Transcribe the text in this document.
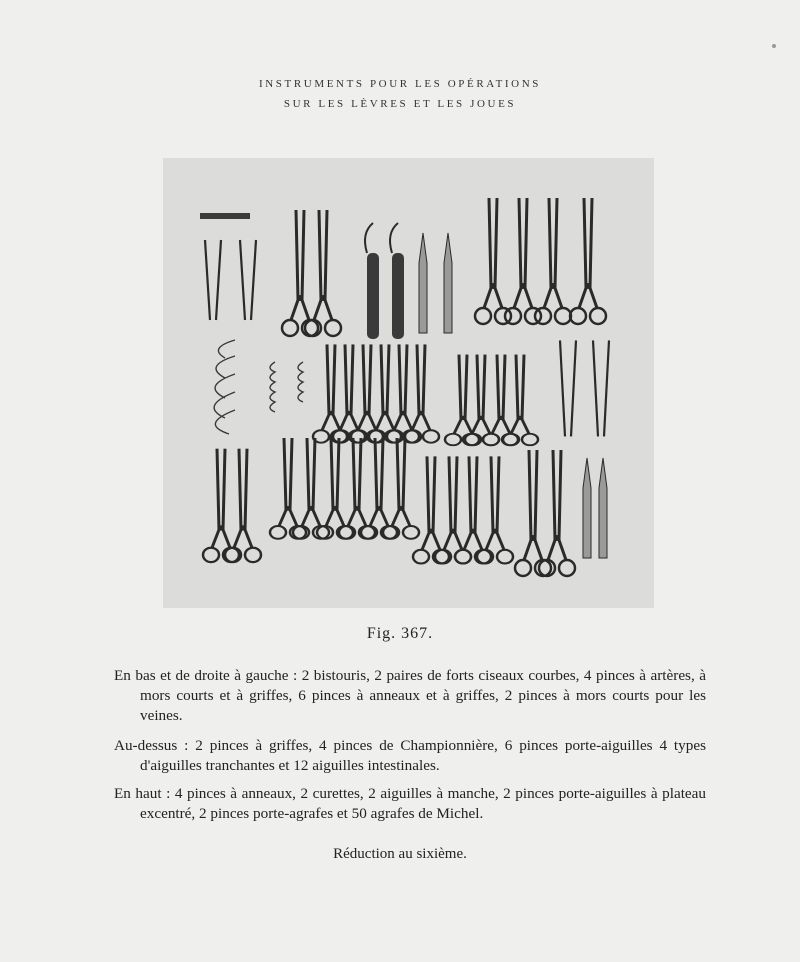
INSTRUMENTS POUR LES OPÉRATIONS
SUR LES LÈVRES ET LES JOUES
Fig. 367.
En bas et de droite à gauche : 2 bistouris, 2 paires de forts ciseaux courbes, 4 pinces à artères, à mors courts et à griffes, 6 pinces à anneaux et à griffes, 2 pinces à mors courts pour les veines.
Au-dessus : 2 pinces à griffes, 4 pinces de Championnière, 6 pinces porte-aiguilles 4 types d'aiguilles tranchantes et 12 aiguilles intestinales.
En haut : 4 pinces à anneaux, 2 curettes, 2 aiguilles à manche, 2 pinces porte-aiguilles à plateau excentré, 2 pinces porte-agrafes et 50 agrafes de Michel.
Réduction au sixième.
